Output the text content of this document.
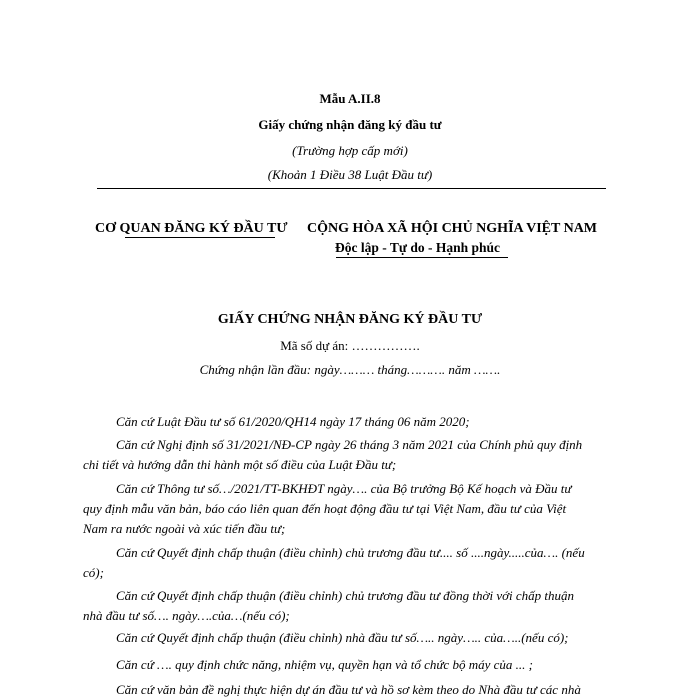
Mẫu A.II.8
Giấy chứng nhận đăng ký đầu tư
(Trường hợp cấp mới)
(Khoản 1 Điều 38 Luật Đầu tư)
CƠ QUAN ĐĂNG KÝ ĐẦU TƯ CỘNG HÒA XÃ HỘI CHỦ NGHĨA VIỆT NAM
Độc lập - Tự do - Hạnh phúc
GIẤY CHỨNG NHẬN ĐĂNG KÝ ĐẦU TƯ
Mã số dự án: …………….
Chứng nhận lần đầu: ngày……… tháng………. năm …….
Căn cứ Luật Đầu tư số 61/2020/QH14 ngày 17 tháng 06 năm 2020;
Căn cứ Nghị định số 31/2021/NĐ-CP ngày 26 tháng 3 năm 2021 của Chính phủ quy định
chi tiết và hướng dẫn thi hành một số điều của Luật Đầu tư;
Căn cứ Thông tư số…/2021/TT-BKHĐT ngày…. của Bộ trưởng Bộ Kế hoạch và Đầu tư
quy định mẫu văn bản, báo cáo liên quan đến hoạt động đầu tư tại Việt Nam, đầu tư của Việt
Nam ra nước ngoài và xúc tiến đầu tư;
Căn cứ Quyết định chấp thuận (điều chỉnh) chủ trương đầu tư.... số ....ngày.....của…. (nếu
có);
Căn cứ Quyết định chấp thuận (điều chỉnh) chủ trương đầu tư đồng thời với chấp thuận
nhà đầu tư số…. ngày….của…(nếu có);
Căn cứ Quyết định chấp thuận (điều chỉnh) nhà đầu tư số….. ngày….. của…..(nếu có);
Căn cứ …. quy định chức năng, nhiệm vụ, quyền hạn và tổ chức bộ máy của ... ;
Căn cứ văn bản đề nghị thực hiện dự án đầu tư và hồ sơ kèm theo do Nhà đầu tư các nhà
